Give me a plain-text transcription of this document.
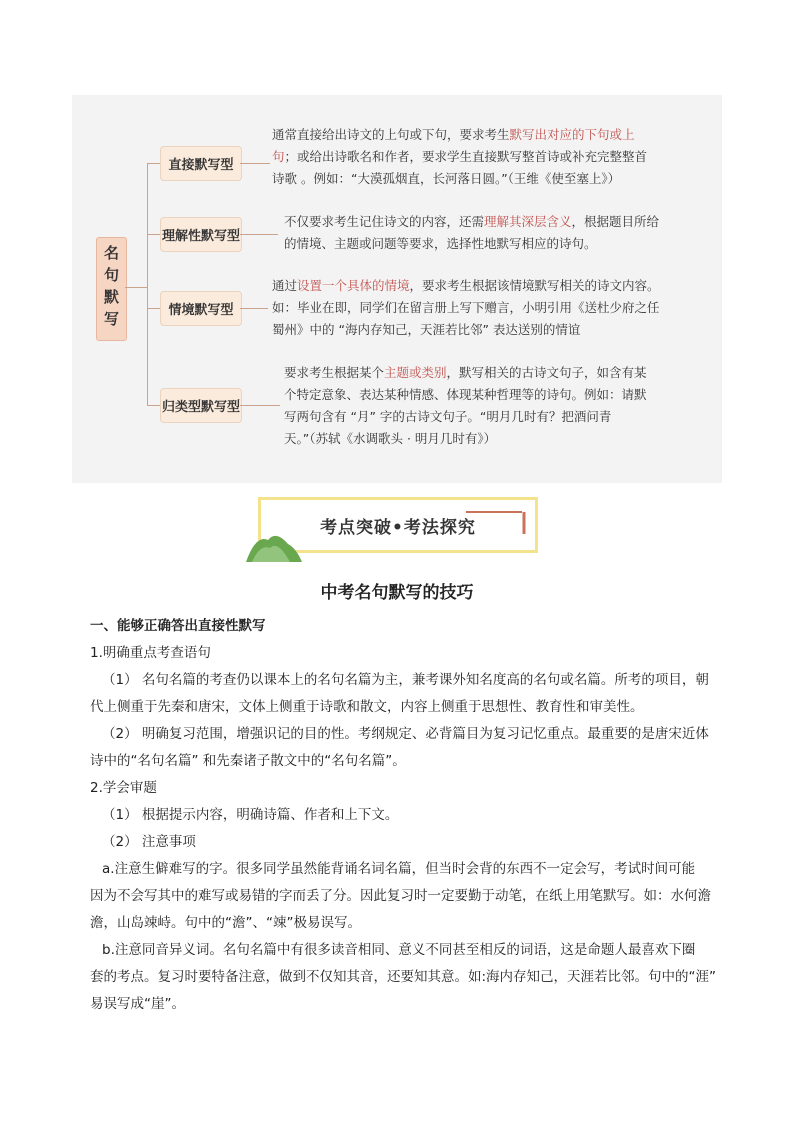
名句默写
直接默写型
通常直接给出诗文的上句或下句，要求考生默写出对应的下句或上
句；或给出诗歌名和作者，要求学生直接默写整首诗或补充完整整首
诗歌 。例如：“大漠孤烟直，长河落日圆。”（王维《使至塞上》）
理解性默写型
不仅要求考生记住诗文的内容，还需理解其深层含义，根据题目所给
的情境、主题或问题等要求，选择性地默写相应的诗句。
情境默写型
通过设置一个具体的情境，要求考生根据该情境默写相关的诗文内容。
如：毕业在即，同学们在留言册上写下赠言，小明引用《送杜少府之任
蜀州》中的 “海内存知己，天涯若比邻” 表达送别的情谊
归类型默写型
要求考生根据某个主题或类别，默写相关的古诗文句子，如含有某
个特定意象、表达某种情感、体现某种哲理等的诗句。例如：请默
写两句含有 “月” 字的古诗文句子。“明月几时有？把酒问青
天。”（苏轼《水调歌头 · 明月几时有》）
考点突破•考法探究
中考名句默写的技巧
一、能够正确答出直接性默写
1.明确重点考查语句
（1） 名句名篇的考查仍以课本上的名句名篇为主，兼考课外知名度高的名句或名篇。所考的项目，朝
代上侧重于先秦和唐宋，文体上侧重于诗歌和散文，内容上侧重于思想性、教育性和审美性。
（2） 明确复习范围，增强识记的目的性。考纲规定、必背篇目为复习记忆重点。最重要的是唐宋近体
诗中的“名句名篇” 和先秦诸子散文中的“名句名篇”。
2.学会审题
（1） 根据提示内容，明确诗篇、作者和上下文。
（2） 注意事项
a.注意生僻难写的字。很多同学虽然能背诵名词名篇，但当时会背的东西不一定会写，考试时间可能
因为不会写其中的难写或易错的字而丢了分。因此复习时一定要勤于动笔，在纸上用笔默写。如：水何澹
澹，山岛竦峙。句中的“澹”、“竦”极易误写。
b.注意同音异义词。名句名篇中有很多读音相同、意义不同甚至相反的词语，这是命题人最喜欢下圈
套的考点。复习时要特备注意，做到不仅知其音，还要知其意。如:海内存知己，天涯若比邻。句中的“涯”
易误写成“崖”。
